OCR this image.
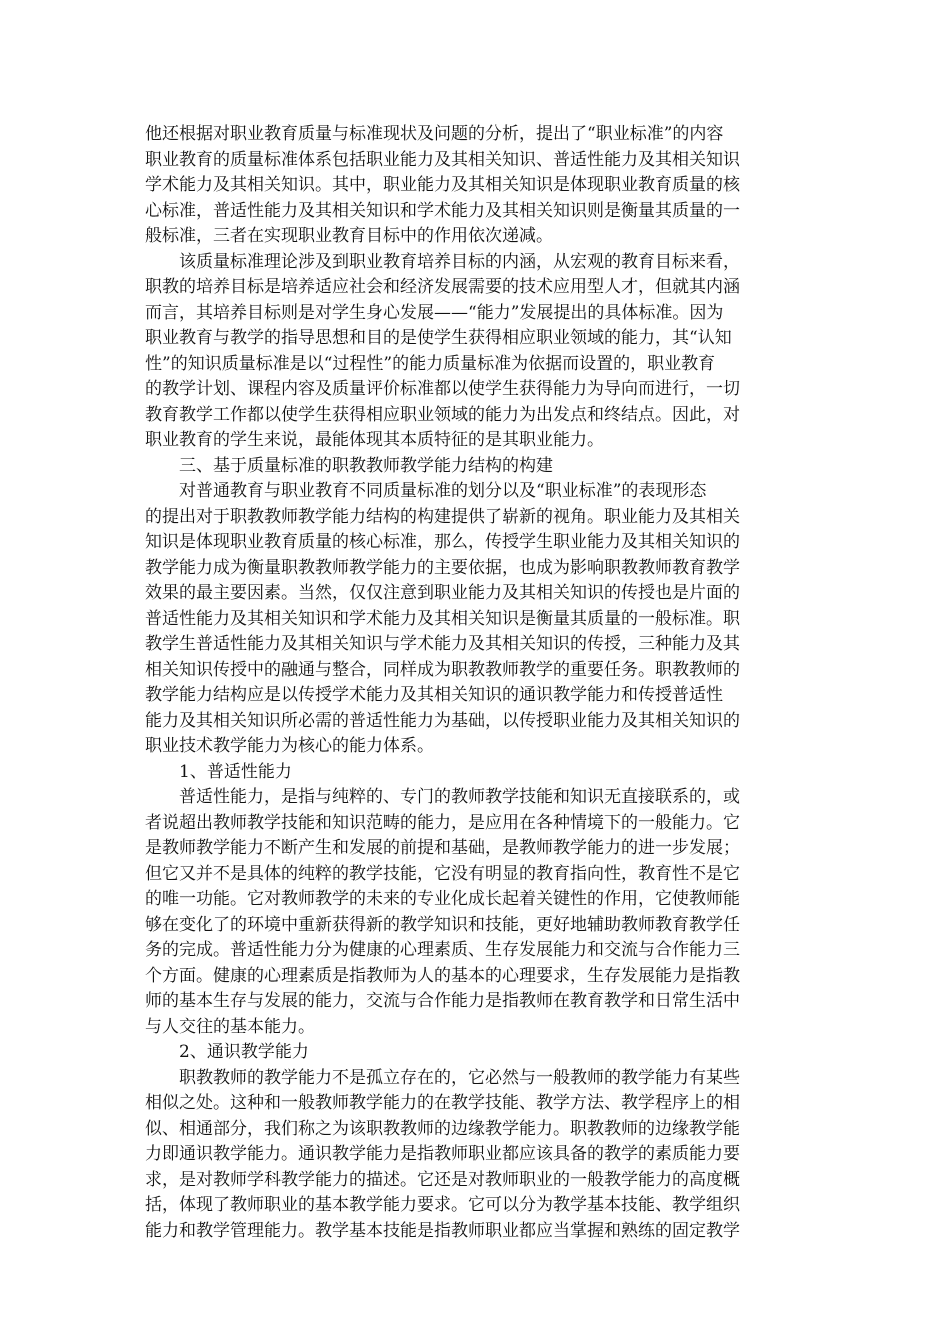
他还根据对职业教育质量与标准现状及问题的分析，提出了“职业标准”的内容
职业教育的质量标准体系包括职业能力及其相关知识、普适性能力及其相关知识
学术能力及其相关知识。其中，职业能力及其相关知识是体现职业教育质量的核
心标准，普适性能力及其相关知识和学术能力及其相关知识则是衡量其质量的一
般标准，三者在实现职业教育目标中的作用依次递减。
　　该质量标准理论涉及到职业教育培养目标的内涵，从宏观的教育目标来看，
职教的培养目标是培养适应社会和经济发展需要的技术应用型人才，但就其内涵
而言，其培养目标则是对学生身心发展——“能力”发展提出的具体标准。因为
职业教育与教学的指导思想和目的是使学生获得相应职业领域的能力，其“认知
性”的知识质量标准是以“过程性”的能力质量标准为依据而设置的，职业教育
的教学计划、课程内容及质量评价标准都以使学生获得能力为导向而进行，一切
教育教学工作都以使学生获得相应职业领域的能力为出发点和终结点。因此，对
职业教育的学生来说，最能体现其本质特征的是其职业能力。
　　三、基于质量标准的职教教师教学能力结构的构建
　　对普通教育与职业教育不同质量标准的划分以及“职业标准”的表现形态
的提出对于职教教师教学能力结构的构建提供了崭新的视角。职业能力及其相关
知识是体现职业教育质量的核心标准，那么，传授学生职业能力及其相关知识的
教学能力成为衡量职教教师教学能力的主要依据，也成为影响职教教师教育教学
效果的最主要因素。当然，仅仅注意到职业能力及其相关知识的传授也是片面的
普适性能力及其相关知识和学术能力及其相关知识是衡量其质量的一般标准。职
教学生普适性能力及其相关知识与学术能力及其相关知识的传授，三种能力及其
相关知识传授中的融通与整合，同样成为职教教师教学的重要任务。职教教师的
教学能力结构应是以传授学术能力及其相关知识的通识教学能力和传授普适性
能力及其相关知识所必需的普适性能力为基础，以传授职业能力及其相关知识的
职业技术教学能力为核心的能力体系。
　　1、普适性能力
　　普适性能力，是指与纯粹的、专门的教师教学技能和知识无直接联系的，或
者说超出教师教学技能和知识范畴的能力，是应用在各种情境下的一般能力。它
是教师教学能力不断产生和发展的前提和基础，是教师教学能力的进一步发展；
但它又并不是具体的纯粹的教学技能，它没有明显的教育指向性，教育性不是它
的唯一功能。它对教师教学的未来的专业化成长起着关键性的作用，它使教师能
够在变化了的环境中重新获得新的教学知识和技能，更好地辅助教师教育教学任
务的完成。普适性能力分为健康的心理素质、生存发展能力和交流与合作能力三
个方面。健康的心理素质是指教师为人的基本的心理要求，生存发展能力是指教
师的基本生存与发展的能力，交流与合作能力是指教师在教育教学和日常生活中
与人交往的基本能力。
　　2、通识教学能力
　　职教教师的教学能力不是孤立存在的，它必然与一般教师的教学能力有某些
相似之处。这种和一般教师教学能力的在教学技能、教学方法、教学程序上的相
似、相通部分，我们称之为该职教教师的边缘教学能力。职教教师的边缘教学能
力即通识教学能力。通识教学能力是指教师职业都应该具备的教学的素质能力要
求，是对教师学科教学能力的描述。它还是对教师职业的一般教学能力的高度概
括，体现了教师职业的基本教学能力要求。它可以分为教学基本技能、教学组织
能力和教学管理能力。教学基本技能是指教师职业都应当掌握和熟练的固定教学
